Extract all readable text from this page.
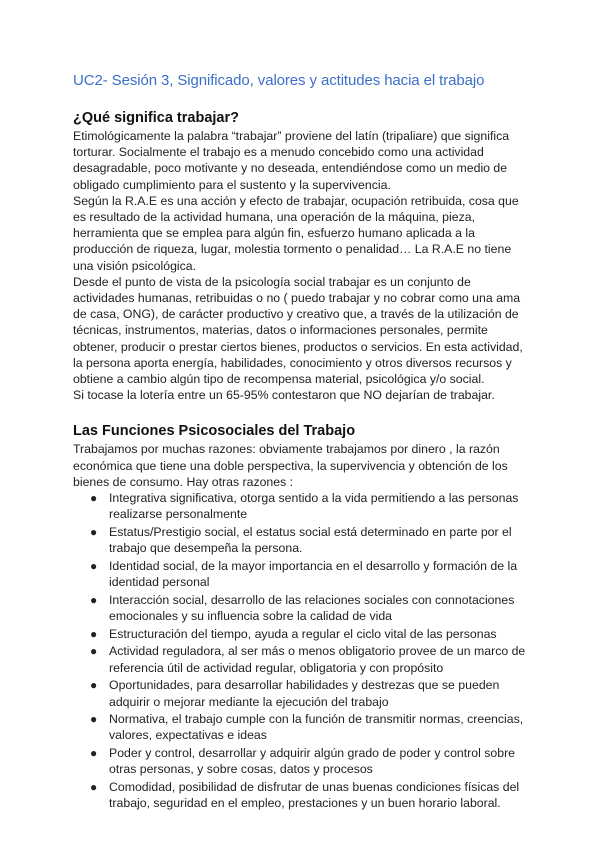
UC2- Sesión 3, Significado, valores y actitudes hacia el trabajo
¿Qué significa trabajar?

Etimológicamente la palabra “trabajar” proviene del latín (tripaliare) que significa torturar. Socialmente el trabajo es a menudo concebido como una actividad desagradable, poco motivante y no deseada, entendiéndose como un medio de obligado cumplimiento para el sustento y la supervivencia.

Según la R.A.E es una acción y efecto de trabajar, ocupación retribuida, cosa que es resultado de la actividad humana, una operación de la máquina, pieza, herramienta que se emplea para algún fin, esfuerzo humano aplicada a la producción de riqueza, lugar, molestia tormento o penalidad… La R.A.E no tiene una visión psicológica.

Desde el punto de vista de la psicología social trabajar es un conjunto de actividades humanas, retribuidas o no ( puedo trabajar y no cobrar como una ama de casa, ONG), de carácter productivo y creativo que, a través de la utilización de técnicas, instrumentos, materias, datos o informaciones personales, permite obtener, producir o prestar ciertos bienes, productos o servicios. En esta actividad, la persona aporta energía, habilidades, conocimiento y otros diversos recursos y obtiene a cambio algún tipo de recompensa material, psicológica y/o social.

Si tocase la lotería entre un 65-95% contestaron que NO dejarían de trabajar.

Las Funciones Psicosociales del Trabajo

Trabajamos por muchas razones: obviamente trabajamos por dinero , la razón económica que tiene una doble perspectiva, la supervivencia y obtención de los bienes de consumo. Hay otras razones :

● Integrativa significativa, otorga sentido a la vida permitiendo a las personas realizarse personalmente
● Estatus/Prestigio social, el estatus social está determinado en parte por el trabajo que desempeña la persona.
● Identidad social, de la mayor importancia en el desarrollo y formación de la identidad personal
● Interacción social, desarrollo de las relaciones sociales con connotaciones emocionales y su influencia sobre la calidad de vida
● Estructuración del tiempo, ayuda a regular el ciclo vital de las personas
● Actividad reguladora, al ser más o menos obligatorio provee de un marco de referencia útil de actividad regular, obligatoria y con propósito
● Oportunidades, para desarrollar habilidades y destrezas que se pueden adquirir o mejorar mediante la ejecución del trabajo
● Normativa, el trabajo cumple con la función de transmitir normas, creencias, valores, expectativas e ideas
● Poder y control, desarrollar y adquirir algún grado de poder y control sobre otras personas, y sobre cosas, datos y procesos
● Comodidad, posibilidad de disfrutar de unas buenas condiciones físicas del trabajo, seguridad en el empleo, prestaciones y un buen horario laboral.
